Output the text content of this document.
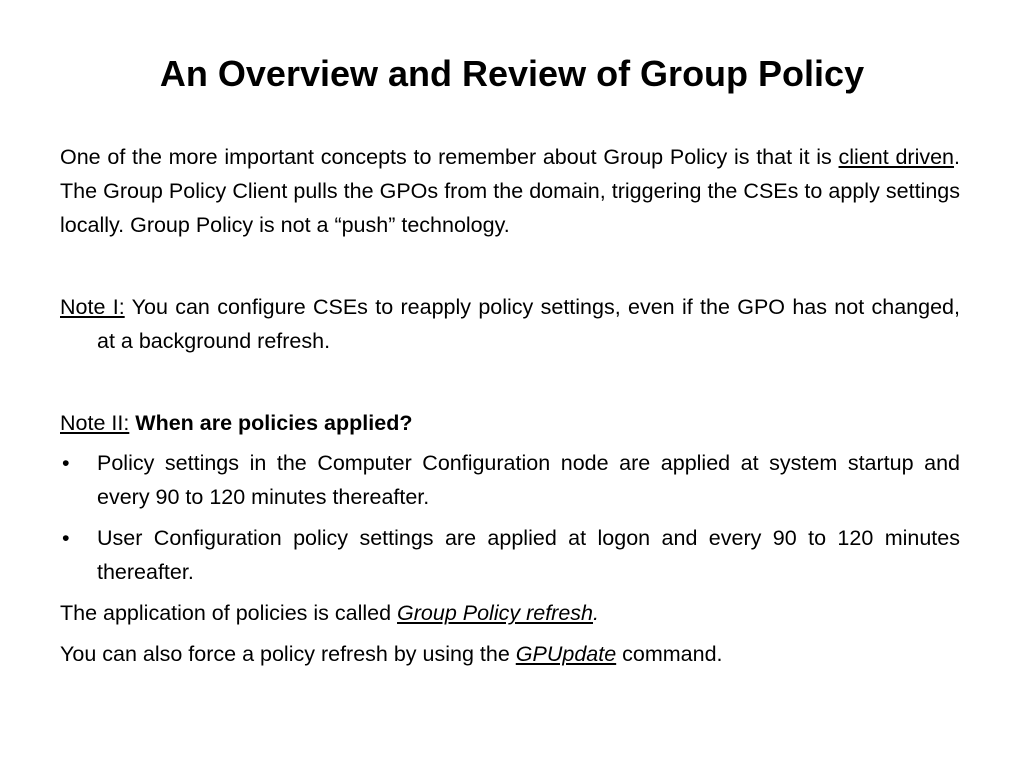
An Overview and Review of Group Policy

One of the more important concepts to remember about Group Policy is that it is client driven. The Group Policy Client pulls the GPOs from the domain, triggering the CSEs to apply settings locally. Group Policy is not a “push” technology.

Note I: You can configure CSEs to reapply policy settings, even if the GPO has not changed, at a background refresh.

Note II: When are policies applied?

• Policy settings in the Computer Configuration node are applied at system startup and every 90 to 120 minutes thereafter.
• User Configuration policy settings are applied at logon and every 90 to 120 minutes thereafter.

The application of policies is called Group Policy refresh.

You can also force a policy refresh by using the GPUpdate command.
